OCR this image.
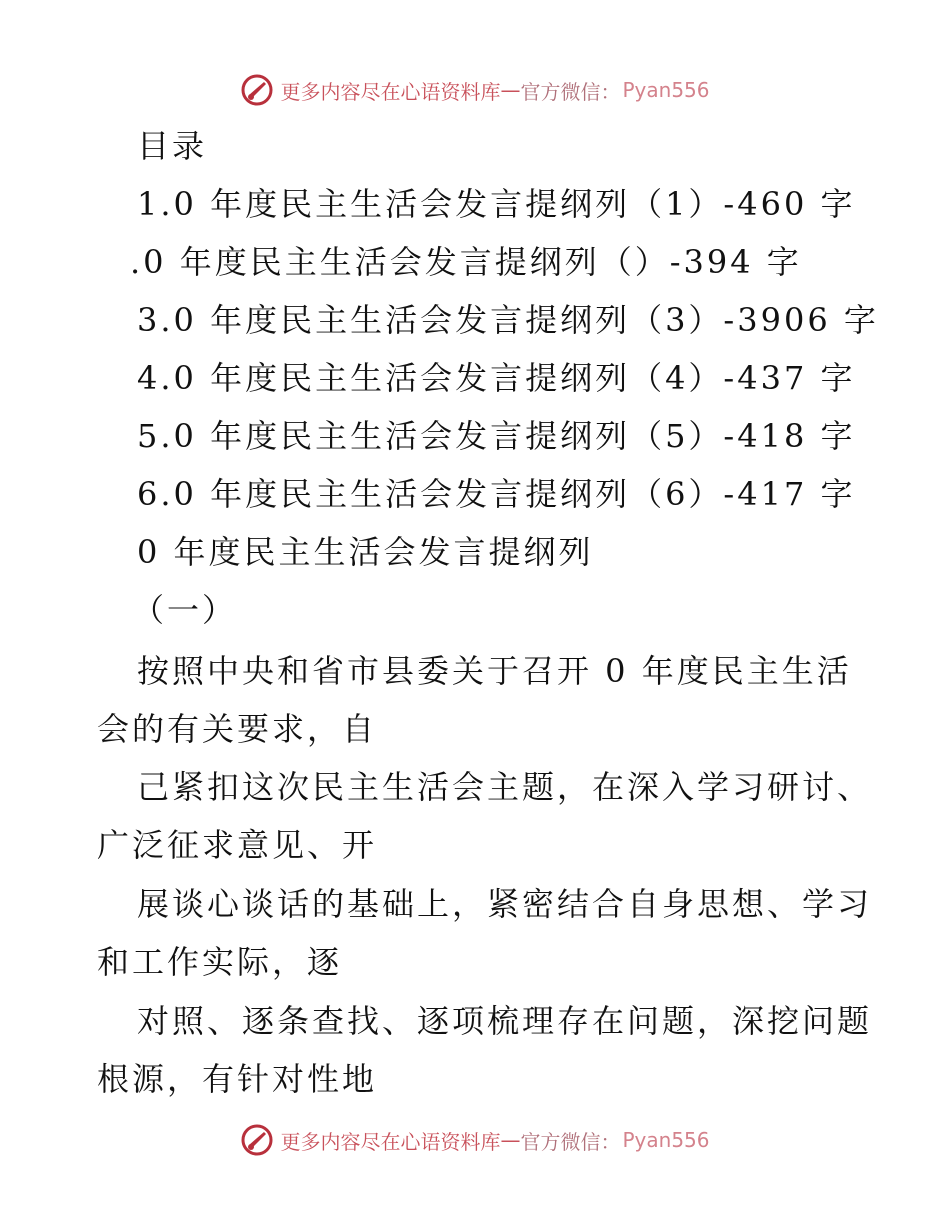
更多内容尽在心语资料库 — 官方微信： Pyan556
目录
1.0 年度民主生活会发言提纲列（1）-460 字
.0 年度民主生活会发言提纲列（）-394 字
3.0 年度民主生活会发言提纲列（3）-3906 字
4.0 年度民主生活会发言提纲列（4）-437 字
5.0 年度民主生活会发言提纲列（5）-418 字
6.0 年度民主生活会发言提纲列（6）-417 字
0 年度民主生活会发言提纲列
（一）
按照中央和省市县委关于召开 0 年度民主生活
会的有关要求，自
己紧扣这次民主生活会主题，在深入学习研讨、
广泛征求意见、开
展谈心谈话的基础上，紧密结合自身思想、学习
和工作实际，逐
对照、逐条查找、逐项梳理存在问题，深挖问题
根源，有针对性地
更多内容尽在心语资料库 — 官方微信： Pyan556
